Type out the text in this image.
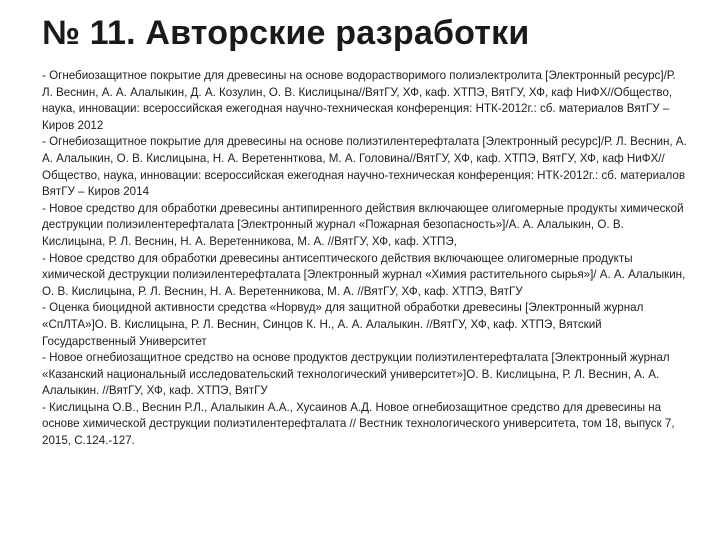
№ 11. Авторские разработки

- Огнебиозащитное покрытие для древесины на основе водорастворимого полиэлектролита [Электронный ресурс]/Р. Л. Веснин, А. А. Алалыкин, Д. А. Козулин, О. В. Кислицына//ВятГУ, ХФ, каф. ХТПЭ, ВятГУ, ХФ, каф НиФХ//Общество, наука, инновации: всероссийская ежегодная научно-техническая конференция: НТК-2012г.: сб. материалов ВятГУ – Киров 2012

- Огнебиозащитное покрытие для древесины на основе полиэтилентерефталата [Электронный ресурс]/Р. Л. Веснин, А. А. Алалыкин, О. В. Кислицына, Н. А. Веретеннткова, М. А. Головина//ВятГУ, ХФ, каф. ХТПЭ, ВятГУ, ХФ, каф НиФХ//Общество, наука, инновации: всероссийская ежегодная научно-техническая конференция: НТК-2012г.: сб. материалов ВятГУ – Киров 2014

- Новое средство для обработки древесины антипиренного действия включающее олигомерные продукты химической деструкции полиэилентерефталата [Электронный журнал «Пожарная безопасность»]/А. А. Алалыкин, О. В. Кислицына, Р. Л. Веснин, Н. А. Веретенникова, М. А. //ВятГУ, ХФ, каф. ХТПЭ,

- Новое средство для обработки древесины антисептического действия включающее олигомерные продукты химической деструкции полиэилентерефталата [Электронный журнал «Химия растительного сырья»]/ А. А. Алалыкин, О. В. Кислицына, Р. Л. Веснин, Н. А. Веретенникова, М. А. //ВятГУ, ХФ, каф. ХТПЭ, ВятГУ

- Оценка биоцидной активности средства «Норвуд» для защитной обработки древесины [Электронный журнал «СпЛТА»]О. В. Кислицына, Р. Л. Веснин, Синцов К. Н., А. А. Алалыкин. //ВятГУ, ХФ, каф. ХТПЭ, Вятский Государственный Университет

- Новое огнебиозащитное средство на основе продуктов деструкции полиэтилентерефталата [Электронный журнал «Казанский национальный исследовательский технологический университет»]О. В. Кислицына, Р. Л. Веснин, А. А. Алалыкин. //ВятГУ, ХФ, каф. ХТПЭ, ВятГУ

- Кислицына О.В., Веснин Р.Л., Алалыкин А.А., Хусаинов А.Д. Новое огнебиозащитное средство для древесины на основе химической деструкции полиэтилентерефталата // Вестник технологического университета, том 18, выпуск 7, 2015, С.124.-127.
